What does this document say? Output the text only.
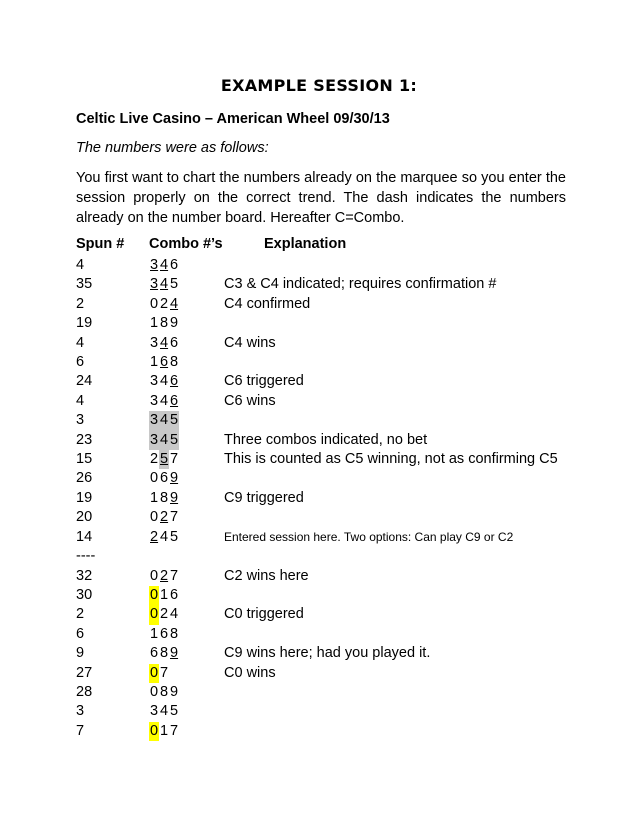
EXAMPLE SESSION 1:
Celtic Live Casino – American Wheel 09/30/13
The numbers were as follows:

You first want to chart the numbers already on the marquee so you enter the session properly on the correct trend. The dash indicates the numbers already on the number board. Hereafter C=Combo.

Spun # Combo #’s	Explanation
4	3 4 6
35	3 4 5	C3 & C4 indicated; requires confirmation #
2	0 2 4	C4 confirmed
19	1 8 9
4	3 4 6	C4 wins
6	1 6 8
24	3 4 6	C6 triggered
4	3 4 6	C6 wins
3	3 4 5
23	3 4 5	Three combos indicated, no bet
15	2 5 7	This is counted as C5 winning, not as confirming C5
26	0 6 9
19	1 8 9	C9 triggered
20	0 2 7
14	2 4 5	Entered session here. Two options: Can play C9 or C2
----
32	0 2 7	C2 wins here
30	0 1 6
2	0 2 4	C0 triggered
6	1 6 8
9	6 8 9	C9 wins here; had you played it.
27	0 7	C0 wins
28	0 8 9
3	3 4 5
7	0 1 7
